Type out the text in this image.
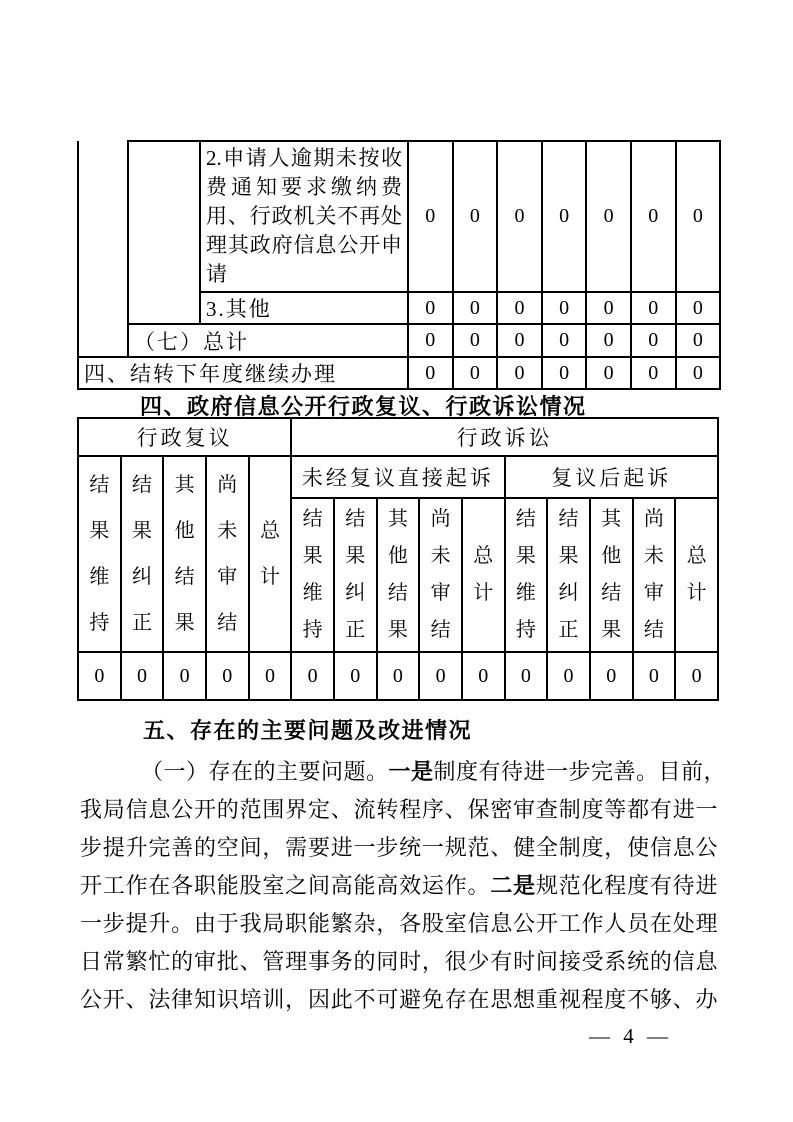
		2.申请人逾期未按收费通知要求缴纳费用、行政机关不再处理其政府信息公开申请	0	0	0	0	0	0	0
		3.其他	0	0	0	0	0	0	0
	（七）总计		0	0	0	0	0	0	0
四、结转下年度继续办理			0	0	0	0	0	0	0
四、政府信息公开行政复议、行政诉讼情况
行政复议					行政诉讼									

结果维持	结果纠正	其他结果	尚未审结	总计	未经复议直接起诉					复议后起诉				

					结果维持	结果纠正	其他结果	尚未审结	总计	结果维持	结果纠正	其他结果	尚未审结	总计

0	0	0	0	0	0	0	0	0	0	0	0	0	0	0
五、存在的主要问题及改进情况
（一）存在的主要问题。一是制度有待进一步完善。目前，
我局信息公开的范围界定、流转程序、保密审查制度等都有进一
步提升完善的空间，需要进一步统一规范、健全制度，使信息公
开工作在各职能股室之间高能高效运作。二是规范化程度有待进
一步提升。由于我局职能繁杂，各股室信息公开工作人员在处理
日常繁忙的审批、管理事务的同时，很少有时间接受系统的信息
公开、法律知识培训，因此不可避免存在思想重视程度不够、办
— 4 —
